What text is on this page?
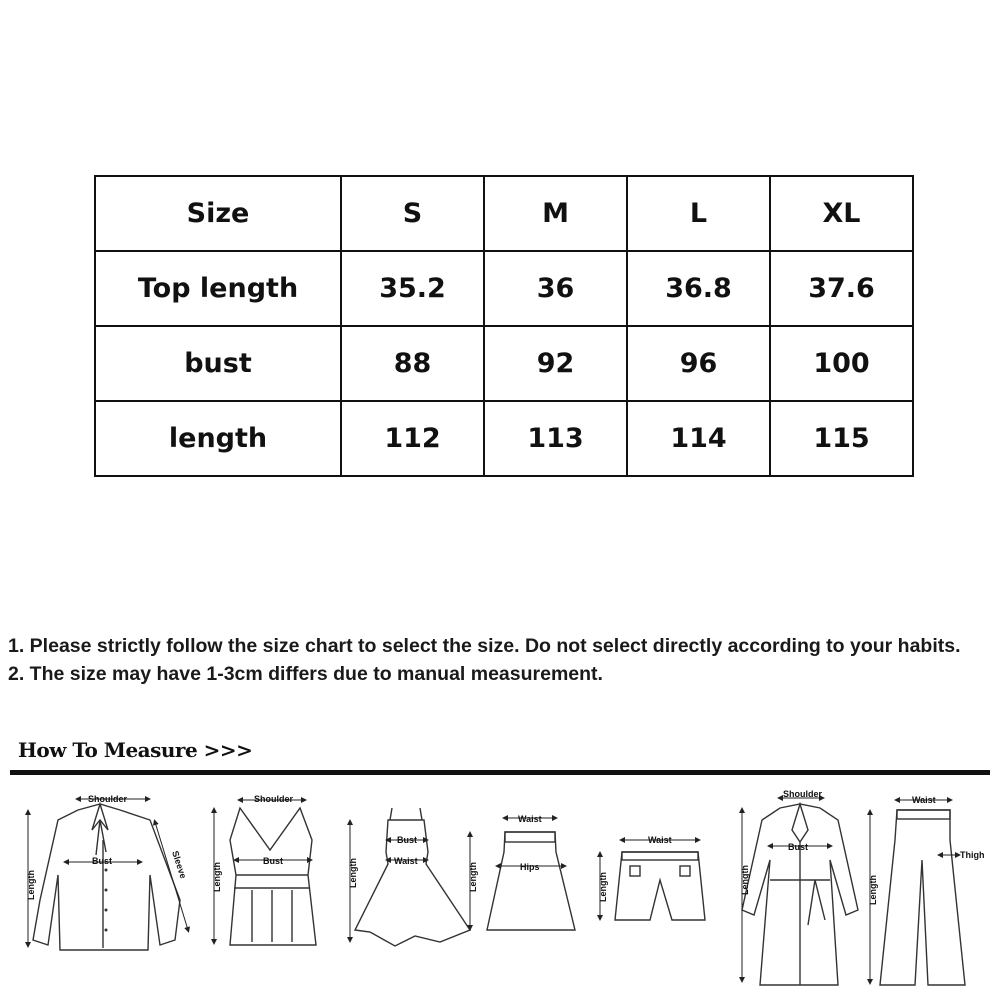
Size	S	M	L	XL
Top length	35.2	36	36.8	37.6
bust	88	92	96	100
length	112	113	114	115

1. Please strictly follow the size chart to select the size. Do not select directly according to your habits.

2. The size may have 1-3cm differs due to manual measurement.

How To Measure >>>
Shoulder
Bust
Length
Sleeve
Shoulder
Bust
Length
Bust
Waist
Length
Waist
Hips
Length
Waist
Length
Shoulder
Bust
Length
Waist
Thigh
Length
